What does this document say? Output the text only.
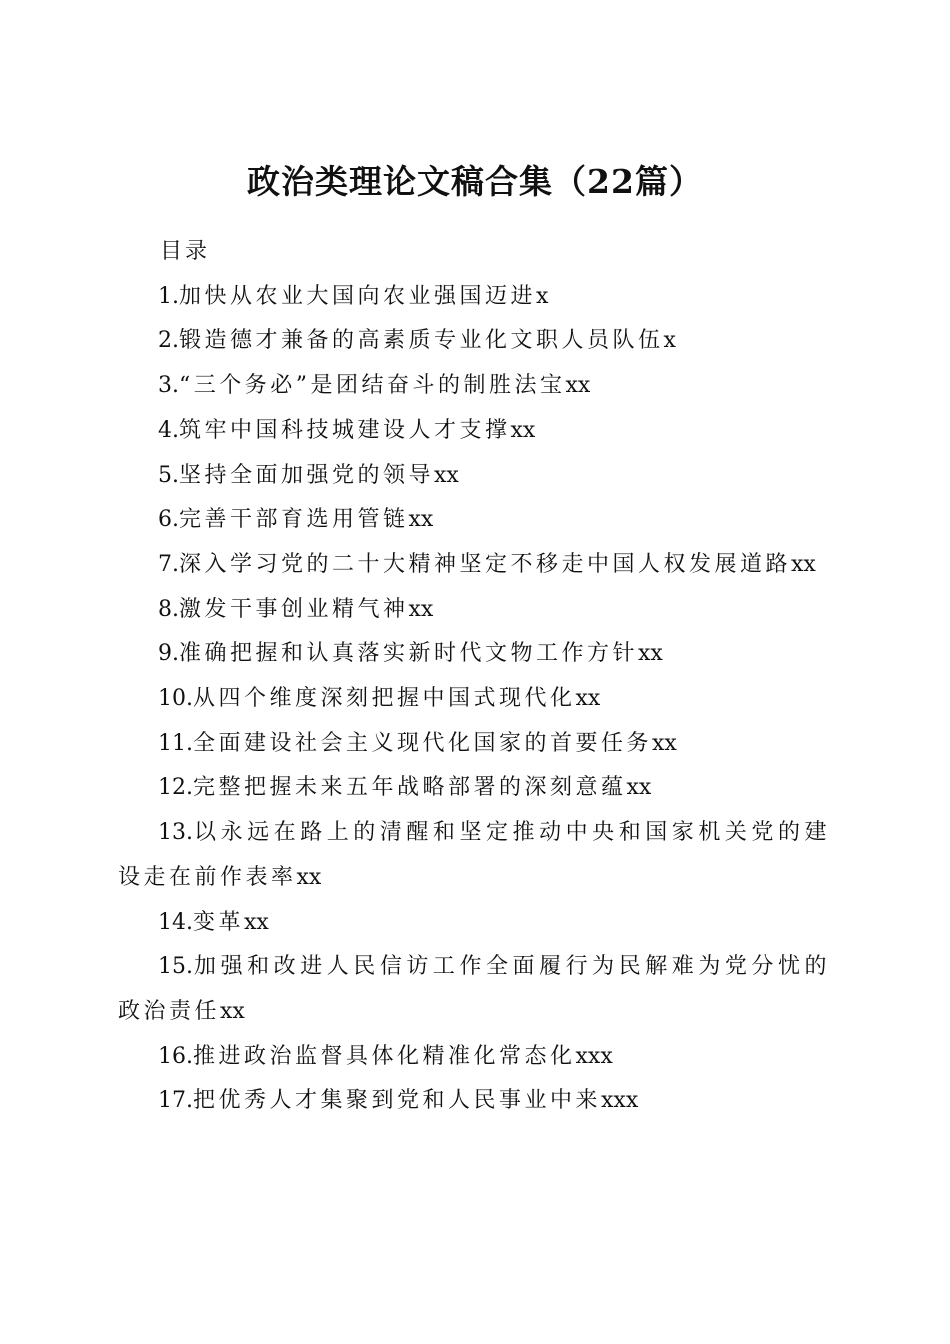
政治类理论文稿合集（22篇）

目录

1.加快从农业大国向农业强国迈进x
2.锻造德才兼备的高素质专业化文职人员队伍x
3.“三个务必”是团结奋斗的制胜法宝xx
4.筑牢中国科技城建设人才支撑xx
5.坚持全面加强党的领导xx
6.完善干部育选用管链xx
7.深入学习党的二十大精神坚定不移走中国人权发展道路xx
8.激发干事创业精气神xx
9.准确把握和认真落实新时代文物工作方针xx
10.从四个维度深刻把握中国式现代化xx
11.全面建设社会主义现代化国家的首要任务xx
12.完整把握未来五年战略部署的深刻意蕴xx
13.以永远在路上的清醒和坚定推动中央和国家机关党的建设走在前作表率xx
14.变革xx
15.加强和改进人民信访工作全面履行为民解难为党分忧的政治责任xx
16.推进政治监督具体化精准化常态化xxx
17.把优秀人才集聚到党和人民事业中来xxx
